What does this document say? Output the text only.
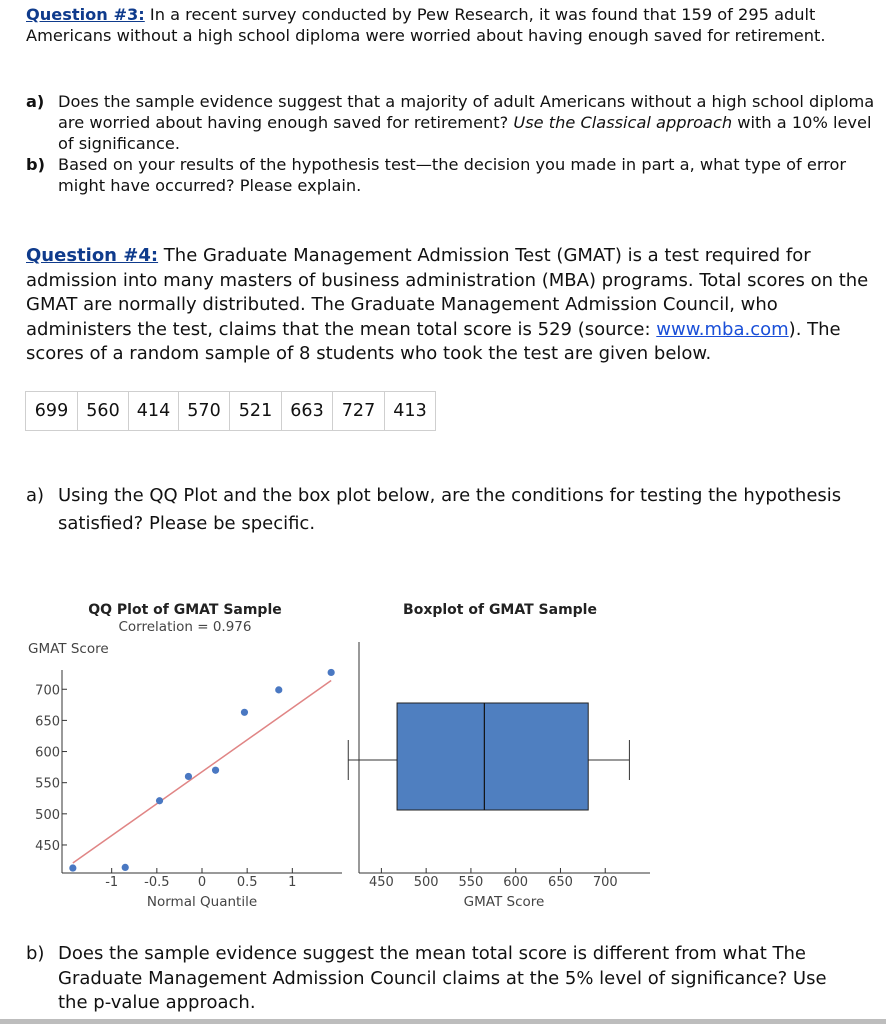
Question #3: In a recent survey conducted by Pew Research, it was found that 159 of 295 adult Americans without a high school diploma were worried about having enough saved for retirement.
a) Does the sample evidence suggest that a majority of adult Americans without a high school diploma are worried about having enough saved for retirement? Use the Classical approach with a 10% level of significance.
b) Based on your results of the hypothesis test—the decision you made in part a, what type of error might have occurred? Please explain.
Question #4: The Graduate Management Admission Test (GMAT) is a test required for admission into many masters of business administration (MBA) programs. Total scores on the GMAT are normally distributed. The Graduate Management Admission Council, who administers the test, claims that the mean total score is 529 (source: www.mba.com). The scores of a random sample of 8 students who took the test are given below.
699	560	414	570	521	663	727	413
a) Using the QQ Plot and the box plot below, are the conditions for testing the hypothesis satisfied? Please be specific.
QQ Plot of GMAT Sample
Correlation = 0.976
GMAT Score
700
650
600
550
500
450
-1 -0.5 0 0.5 1
Normal Quantile
Boxplot of GMAT Sample
450 500 550 600 650 700
GMAT Score
b) Does the sample evidence suggest the mean total score is different from what The Graduate Management Admission Council claims at the 5% level of significance? Use the p-value approach.
